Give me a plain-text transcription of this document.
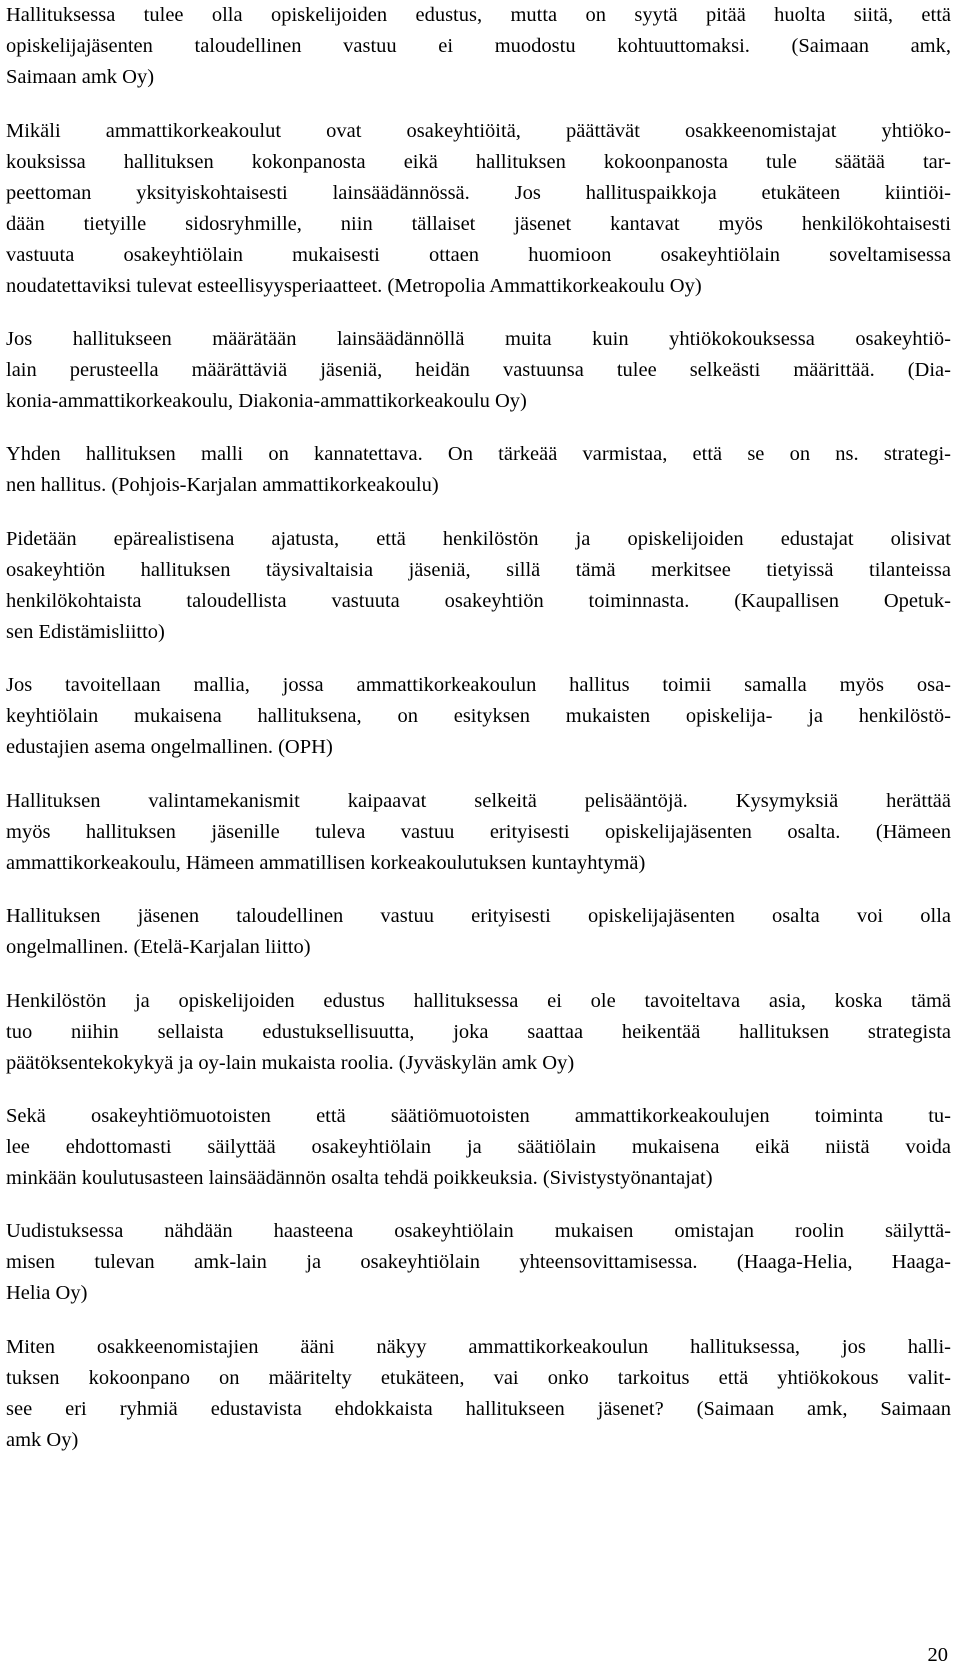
Hallituksessa tulee olla opiskelijoiden edustus, mutta on syytä pitää huolta siitä, että
opiskelijajäsenten taloudellinen vastuu ei muodostu kohtuuttomaksi. (Saimaan amk,
Saimaan amk Oy)
Mikäli ammattikorkeakoulut ovat osakeyhtiöitä, päättävät osakkeenomistajat yhtiöko-
kouksissa hallituksen kokonpanosta eikä hallituksen kokoonpanosta tule säätää tar-
peettoman yksityiskohtaisesti lainsäädännössä. Jos hallituspaikkoja etukäteen kiintiöi-
dään tietyille sidosryhmille, niin tällaiset jäsenet kantavat myös henkilökohtaisesti
vastuuta osakeyhtiölain mukaisesti ottaen huomioon osakeyhtiölain soveltamisessa
noudatettaviksi tulevat esteellisyysperiaatteet. (Metropolia Ammattikorkeakoulu Oy)
Jos hallitukseen määrätään lainsäädännöllä muita kuin yhtiökokouksessa osakeyhtiö-
lain perusteella määrättäviä jäseniä, heidän vastuunsa tulee selkeästi määrittää. (Dia-
konia-ammattikorkeakoulu, Diakonia-ammattikorkeakoulu Oy)
Yhden hallituksen malli on kannatettava. On tärkeää varmistaa, että se on ns. strategi-
nen hallitus. (Pohjois-Karjalan ammattikorkeakoulu)
Pidetään epärealistisena ajatusta, että henkilöstön ja opiskelijoiden edustajat olisivat
osakeyhtiön hallituksen täysivaltaisia jäseniä, sillä tämä merkitsee tietyissä tilanteissa
henkilökohtaista taloudellista vastuuta osakeyhtiön toiminnasta. (Kaupallisen Opetuk-
sen Edistämisliitto)
Jos tavoitellaan mallia, jossa ammattikorkeakoulun hallitus toimii samalla myös osa-
keyhtiölain mukaisena hallituksena, on esityksen mukaisten opiskelija- ja henkilöstö-
edustajien asema ongelmallinen. (OPH)
Hallituksen valintamekanismit kaipaavat selkeitä pelisääntöjä. Kysymyksiä herättää
myös hallituksen jäsenille tuleva vastuu erityisesti opiskelijajäsenten osalta. (Hämeen
ammattikorkeakoulu, Hämeen ammatillisen korkeakoulutuksen kuntayhtymä)
Hallituksen jäsenen taloudellinen vastuu erityisesti opiskelijajäsenten osalta voi olla
ongelmallinen. (Etelä-Karjalan liitto)
Henkilöstön ja opiskelijoiden edustus hallituksessa ei ole tavoiteltava asia, koska tämä
tuo niihin sellaista edustuksellisuutta, joka saattaa heikentää hallituksen strategista
päätöksentekokykyä ja oy-lain mukaista roolia. (Jyväskylän amk Oy)
Sekä osakeyhtiömuotoisten että säätiömuotoisten ammattikorkeakoulujen toiminta tu-
lee ehdottomasti säilyttää osakeyhtiölain ja säätiölain mukaisena eikä niistä voida
minkään koulutusasteen lainsäädännön osalta tehdä poikkeuksia. (Sivistystyönantajat)
Uudistuksessa nähdään haasteena osakeyhtiölain mukaisen omistajan roolin säilyttä-
misen tulevan amk-lain ja osakeyhtiölain yhteensovittamisessa. (Haaga-Helia, Haaga-
Helia Oy)
Miten osakkeenomistajien ääni näkyy ammattikorkeakoulun hallituksessa, jos halli-
tuksen kokoonpano on määritelty etukäteen, vai onko tarkoitus että yhtiökokous valit-
see eri ryhmiä edustavista ehdokkaista hallitukseen jäsenet? (Saimaan amk, Saimaan
amk Oy)
20
